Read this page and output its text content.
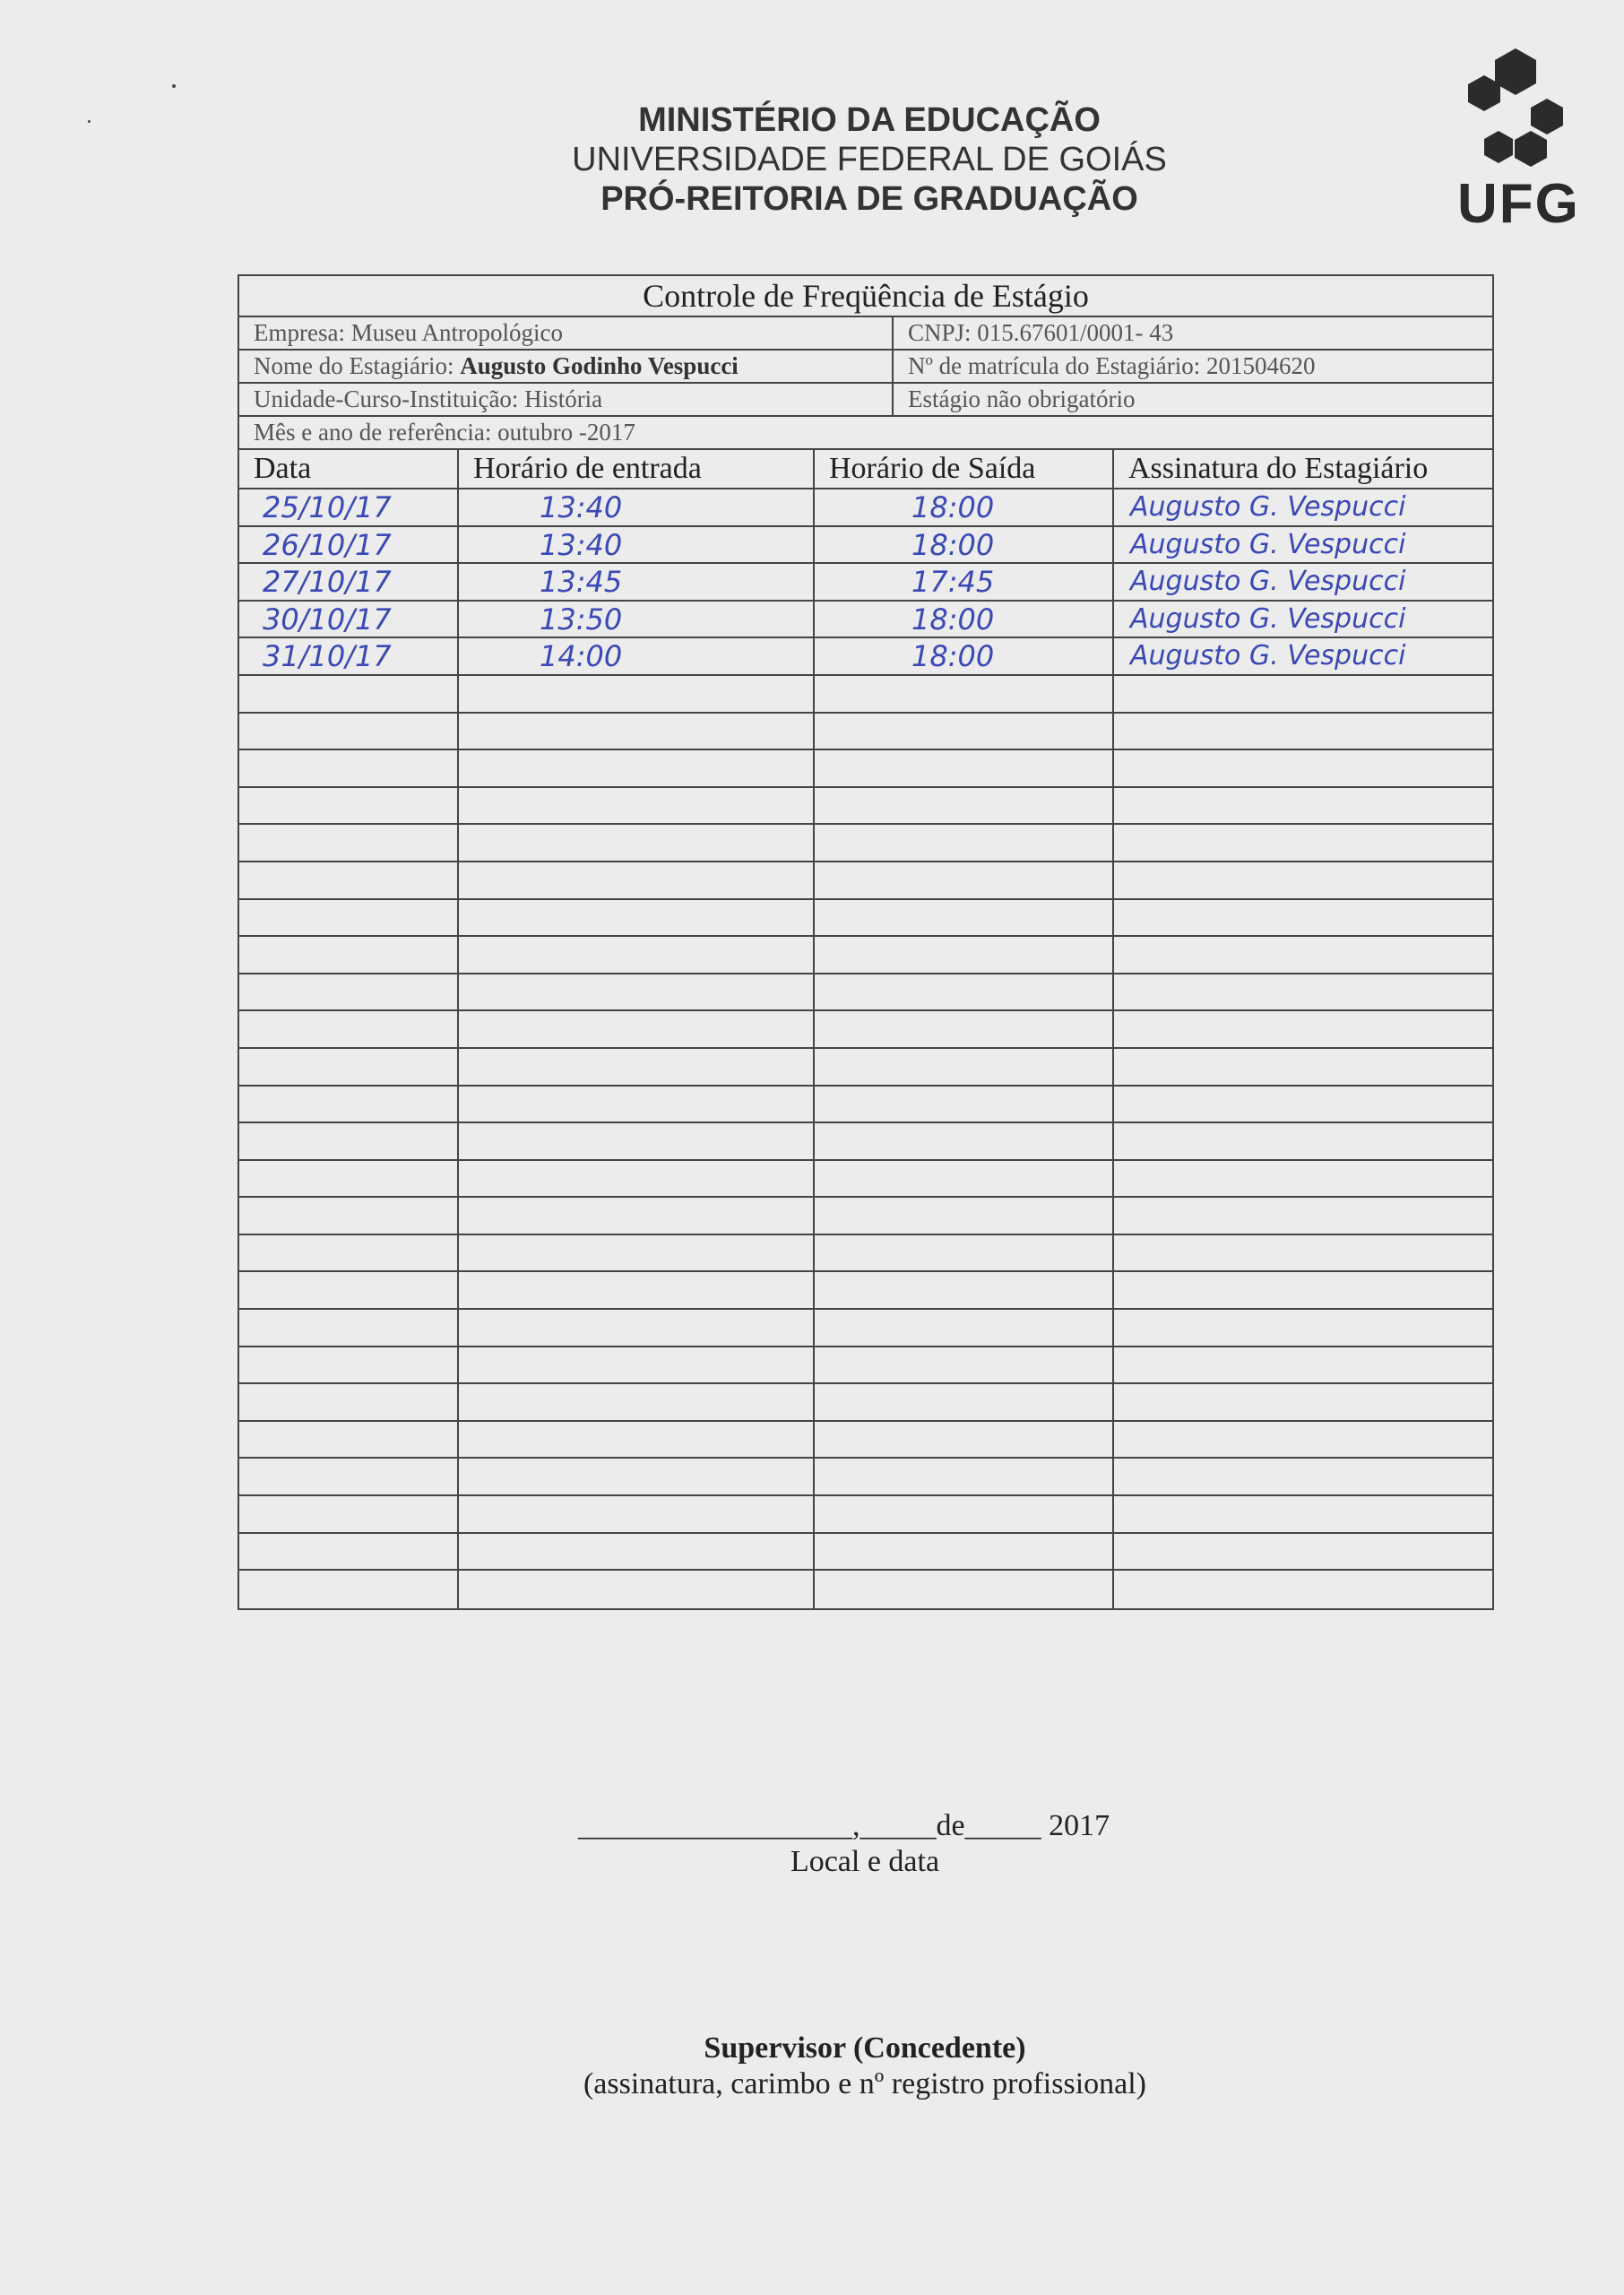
MINISTÉRIO DA EDUCAÇÃO
UNIVERSIDADE FEDERAL DE GOIÁS
PRÓ-REITORIA DE GRADUAÇÃO	UFG
Controle de Freqüência de Estágio
Empresa: Museu Antropológico	CNPJ: 015.67601/0001- 43
Nome do Estagiário: Augusto Godinho Vespucci	Nº de matrícula do Estagiário: 201504620
Unidade-Curso-Instituição: História	Estágio não obrigatório
Mês e ano de referência: outubro -2017
Data	Horário de entrada	Horário de Saída	Assinatura do Estagiário
25/10/17	13:40	18:00	Augusto G. Vespucci
26/10/17	13:40	18:00	Augusto G. Vespucci
27/10/17	13:45	17:45	Augusto G. Vespucci
30/10/17	13:50	18:00	Augusto G. Vespucci
31/10/17	14:00	18:00	Augusto G. Vespucci
__________________,_____de_____ 2017
Local e data
Supervisor (Concedente)
(assinatura, carimbo e nº registro profissional)
